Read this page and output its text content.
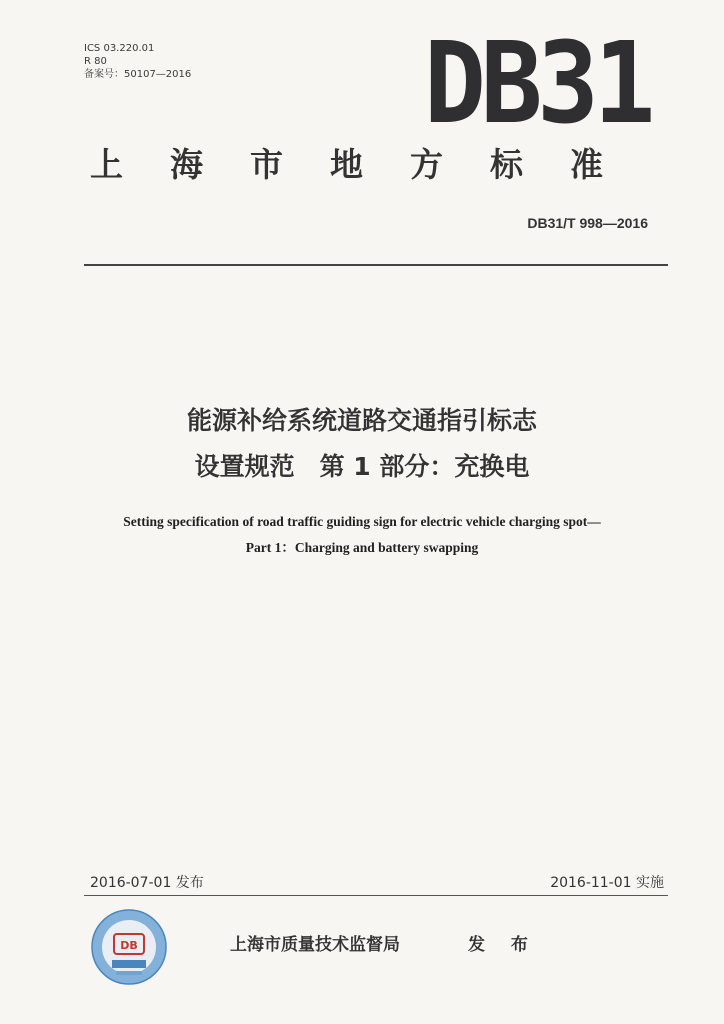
ICS 03.220.01
R 80
备案号：50107—2016 DB31
上海市地方标准
DB31/T 998—2016
能源补给系统道路交通指引标志
设置规范　第 1 部分：充换电
Setting specification of road traffic guiding sign for electric vehicle charging spot—
Part 1：Charging and battery swapping
2016-07-01 发布	2016-11-01 实施
DB	上海市质量技术监督局	发 布
